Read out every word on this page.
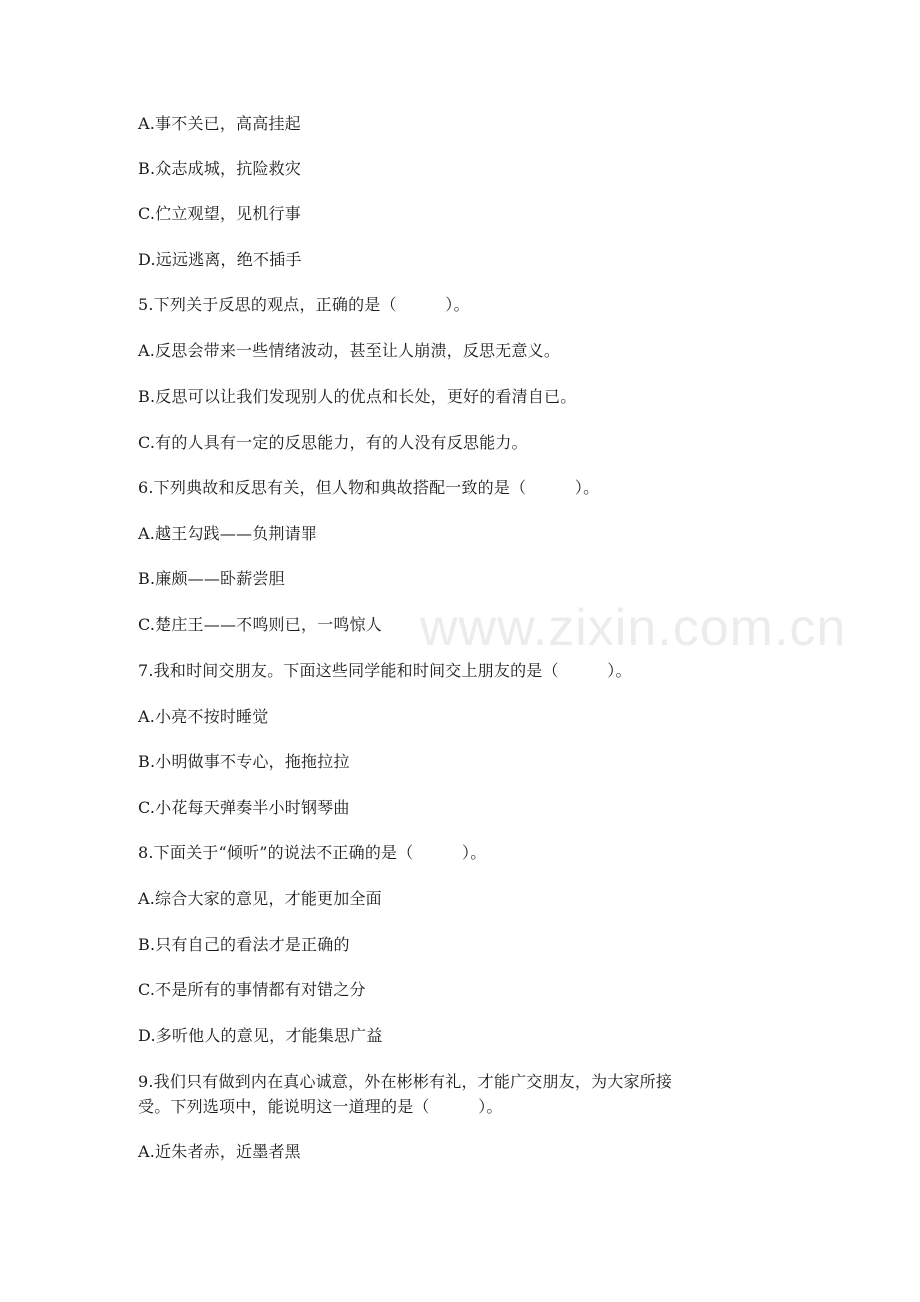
www.zixin.com.cn
A.事不关已，高高挂起
B.众志成城，抗险救灾
C.伫立观望，见机行事
D.远远逃离，绝不插手
5.下列关于反思的观点，正确的是（　　　）。
A.反思会带来一些情绪波动，甚至让人崩溃，反思无意义。
B.反思可以让我们发现别人的优点和长处，更好的看清自已。
C.有的人具有一定的反思能力，有的人没有反思能力。
6.下列典故和反思有关，但人物和典故搭配一致的是（　　　）。
A.越王勾践——负荆请罪
B.廉颇——卧薪尝胆
C.楚庄王——不鸣则已，一鸣惊人
7.我和时间交朋友。下面这些同学能和时间交上朋友的是（　　　）。
A.小亮不按时睡觉
B.小明做事不专心，拖拖拉拉
C.小花每天弹奏半小时钢琴曲
8.下面关于“倾听”的说法不正确的是（　　　）。
A.综合大家的意见，才能更加全面
B.只有自己的看法才是正确的
C.不是所有的事情都有对错之分
D.多听他人的意见，才能集思广益
9.我们只有做到内在真心诚意，外在彬彬有礼，才能广交朋友，为大家所接
受。下列选项中，能说明这一道理的是（　　　）。
A.近朱者赤，近墨者黑
